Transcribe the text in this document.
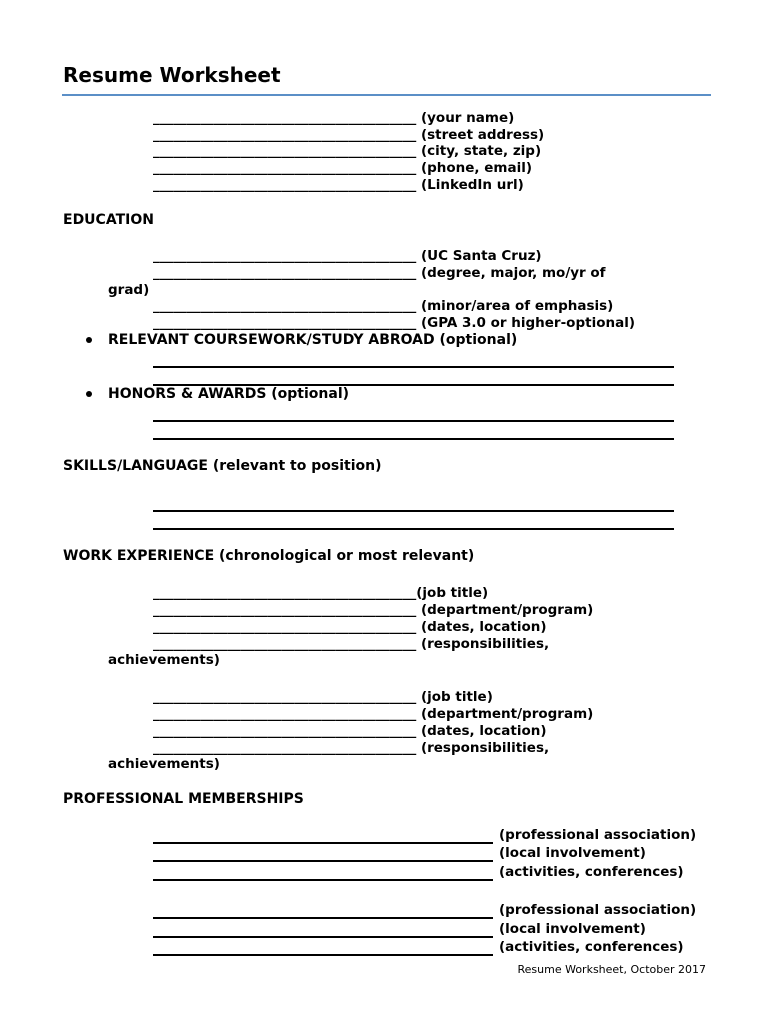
Resume Worksheet
_______________________________________ (your name)
_______________________________________ (street address)
_______________________________________ (city, state, zip)
_______________________________________ (phone, email)
_______________________________________ (LinkedIn url)
EDUCATION
_______________________________________ (UC Santa Cruz)
_______________________________________ (degree, major, mo/yr of
grad)
_______________________________________ (minor/area of emphasis)
_______________________________________ (GPA 3.0 or higher-optional)
RELEVANT COURSEWORK/STUDY ABROAD (optional)
HONORS & AWARDS (optional)
SKILLS/LANGUAGE (relevant to position)
WORK EXPERIENCE (chronological or most relevant)
_______________________________________(job title)
_______________________________________ (department/program)
_______________________________________ (dates, location)
_______________________________________ (responsibilities,
achievements)
_______________________________________ (job title)
_______________________________________ (department/program)
_______________________________________ (dates, location)
_______________________________________ (responsibilities,
achievements)
PROFESSIONAL MEMBERSHIPS
(professional association)
(local involvement)
(activities, conferences)
(professional association)
(local involvement)
(activities, conferences)
Resume Worksheet, October 2017
